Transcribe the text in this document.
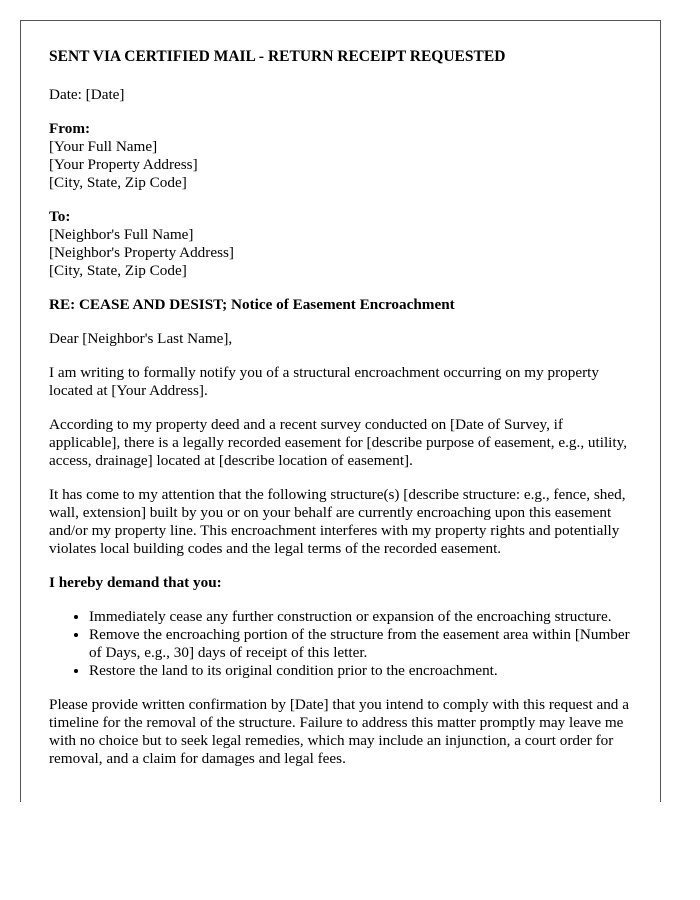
SENT VIA CERTIFIED MAIL - RETURN RECEIPT REQUESTED

Date: [Date]

From:

[Your Full Name]

[Your Property Address]

[City, State, Zip Code]

To:

[Neighbor's Full Name]

[Neighbor's Property Address]

[City, State, Zip Code]

RE: CEASE AND DESIST; Notice of Easement Encroachment

Dear [Neighbor's Last Name],

I am writing to formally notify you of a structural encroachment occurring on my property located at [Your Address].

According to my property deed and a recent survey conducted on [Date of Survey, if applicable], there is a legally recorded easement for [describe purpose of easement, e.g., utility, access, drainage] located at [describe location of easement].

It has come to my attention that the following structure(s) [describe structure: e.g., fence, shed, wall, extension] built by you or on your behalf are currently encroaching upon this easement and/or my property line. This encroachment interferes with my property rights and potentially violates local building codes and the legal terms of the recorded easement.

I hereby demand that you:

• Immediately cease any further construction or expansion of the encroaching structure.
• Remove the encroaching portion of the structure from the easement area within [Number of Days, e.g., 30] days of receipt of this letter.
• Restore the land to its original condition prior to the encroachment.

Please provide written confirmation by [Date] that you intend to comply with this request and a timeline for the removal of the structure. Failure to address this matter promptly may leave me with no choice but to seek legal remedies, which may include an injunction, a court order for removal, and a claim for damages and legal fees.
